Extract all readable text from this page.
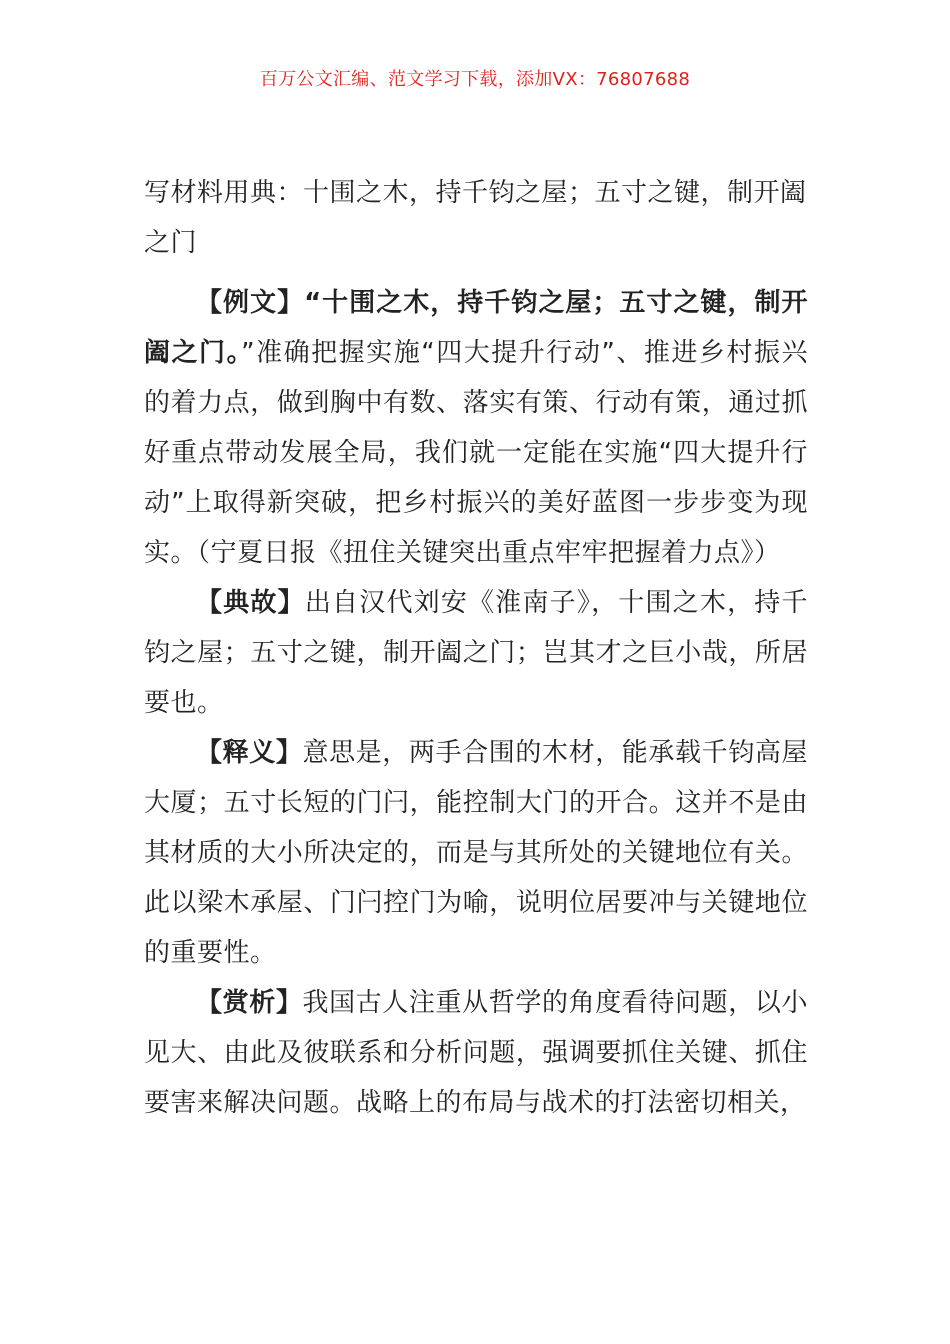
百万公文汇编、范文学习下载，添加VX：76807688
写材料用典：十围之木，持千钧之屋；五寸之键，制开阖之门

【例文】“十围之木，持千钧之屋；五寸之键，制开阖之门。”准确把握实施“四大提升行动”、推进乡村振兴的着力点，做到胸中有数、落实有策、行动有策，通过抓好重点带动发展全局，我们就一定能在实施“四大提升行动”上取得新突破，把乡村振兴的美好蓝图一步步变为现实。（宁夏日报《扭住关键突出重点牢牢把握着力点》）

【典故】出自汉代刘安《淮南子》，十围之木，持千钧之屋；五寸之键，制开阖之门；岂其才之巨小哉，所居要也。

【释义】意思是，两手合围的木材，能承载千钧高屋大厦；五寸长短的门闩，能控制大门的开合。这并不是由其材质的大小所决定的，而是与其所处的关键地位有关。此以梁木承屋、门闩控门为喻，说明位居要冲与关键地位的重要性。

【赏析】我国古人注重从哲学的角度看待问题，以小见大、由此及彼联系和分析问题，强调要抓住关键、抓住要害来解决问题。战略上的布局与战术的打法密切相关，
